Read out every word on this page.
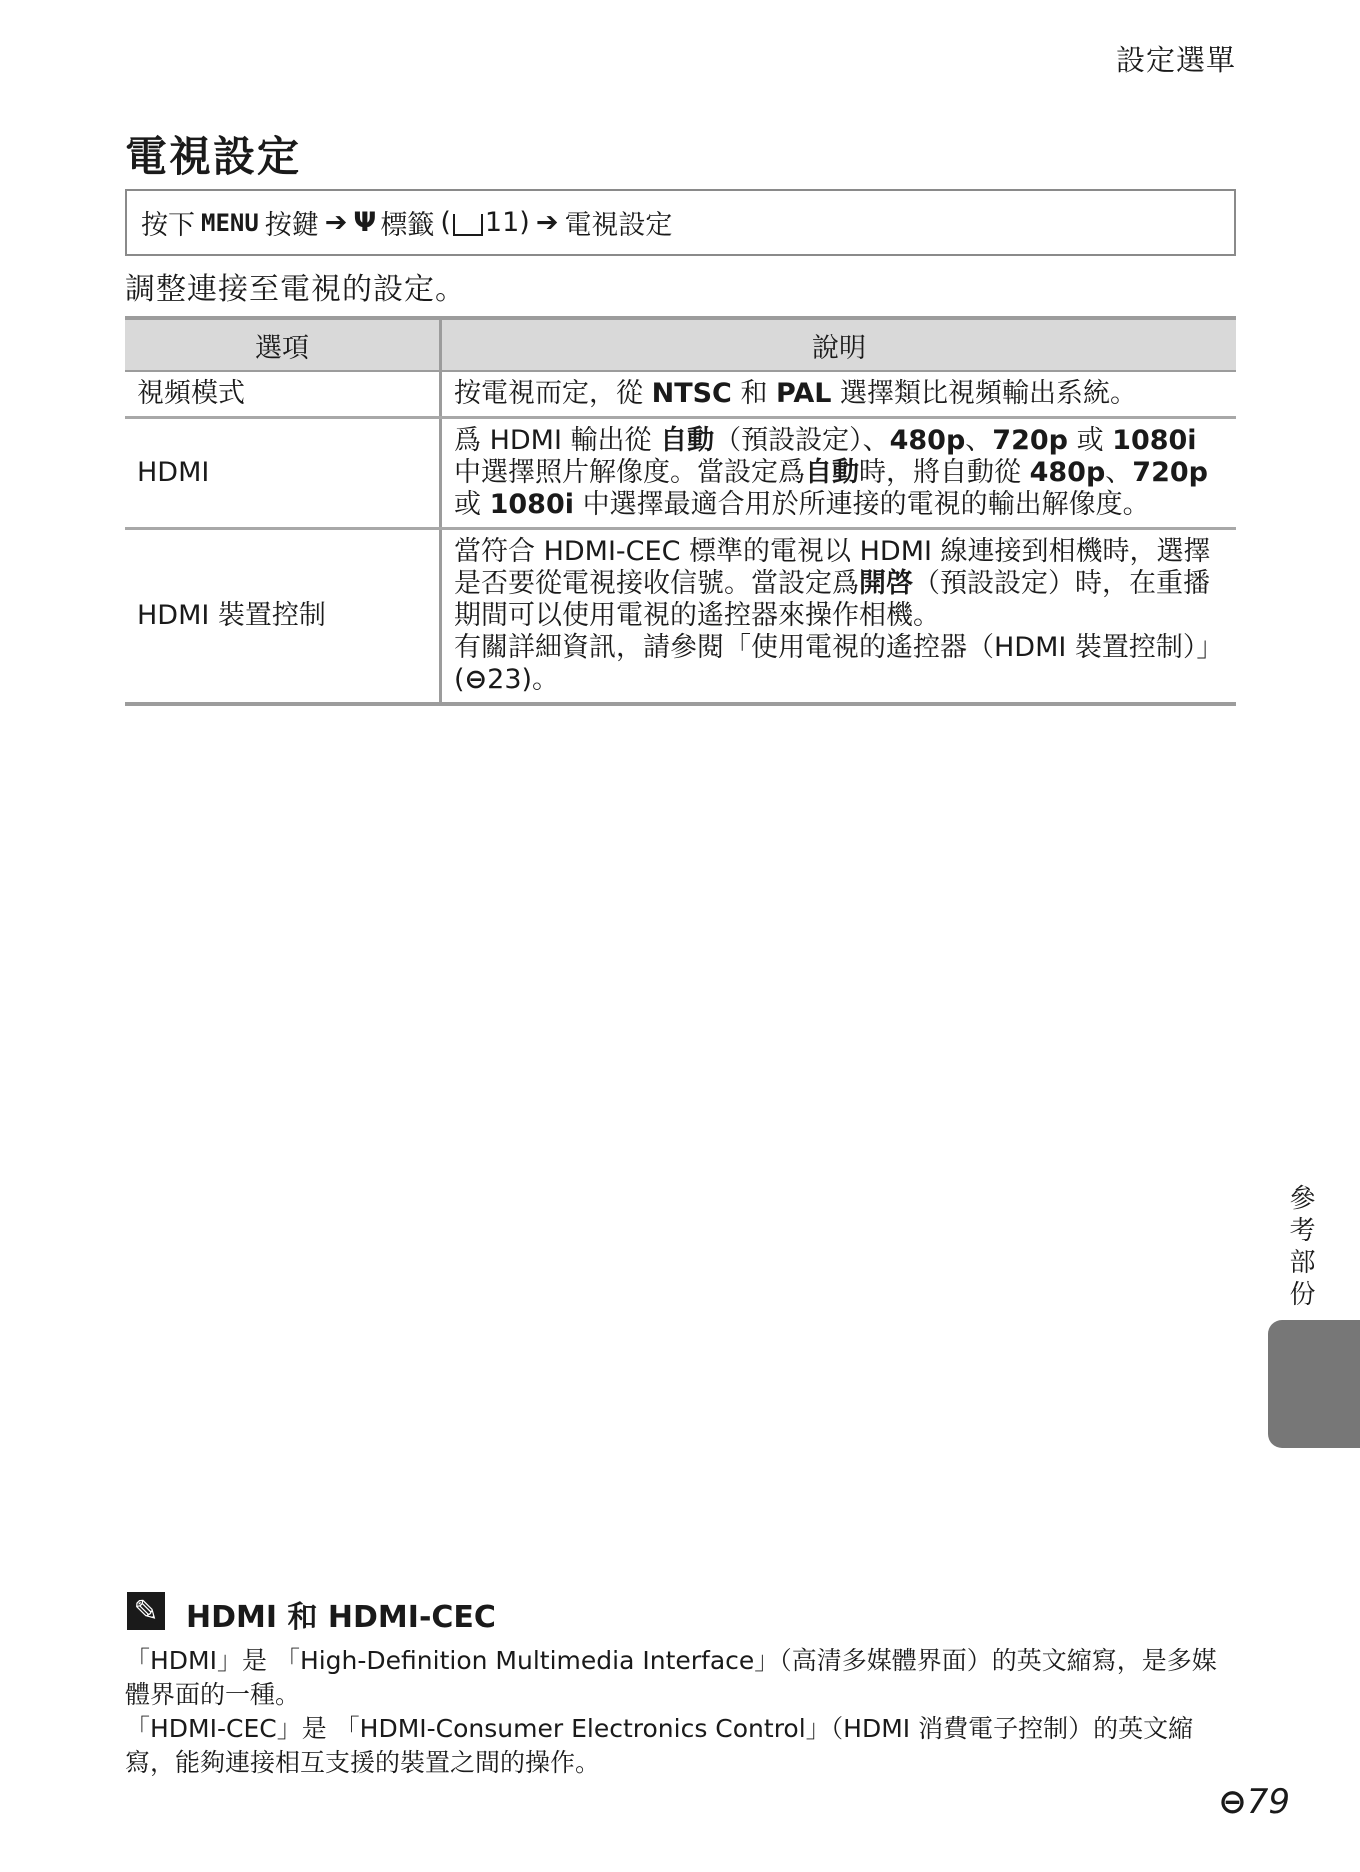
設定選單
電視設定
按下 MENU 按鍵 ➔ Ψ 標籤 ( 11) ➔ 電視設定
調整連接至電視的設定。
選項	說明
視頻模式	按電視而定，從 NTSC 和 PAL 選擇類比視頻輸出系統。
HDMI	爲 HDMI 輸出從 自動（預設設定）、480p、720p 或 1080i 中選擇照片解像度。當設定爲自動時，將自動從 480p、720p 或 1080i 中選擇最適合用於所連接的電視的輸出解像度。
HDMI 裝置控制	當符合 HDMI-CEC 標準的電視以 HDMI 線連接到相機時，選擇是否要從電視接收信號。當設定爲開啓（預設設定）時，在重播期間可以使用電視的遙控器來操作相機。
有關詳細資訊，請參閱「使用電視的遙控器（HDMI 裝置控制）」 (⊖23)。
參考部份
✎ HDMI 和 HDMI-CEC

「HDMI」是 「High-Definition Multimedia Interface」（高清多媒體界面）的英文縮寫，是多媒體界面的一種。

「HDMI-CEC」是 「HDMI-Consumer Electronics Control」（HDMI 消費電子控制）的英文縮寫，能夠連接相互支援的裝置之間的操作。

⊖79
